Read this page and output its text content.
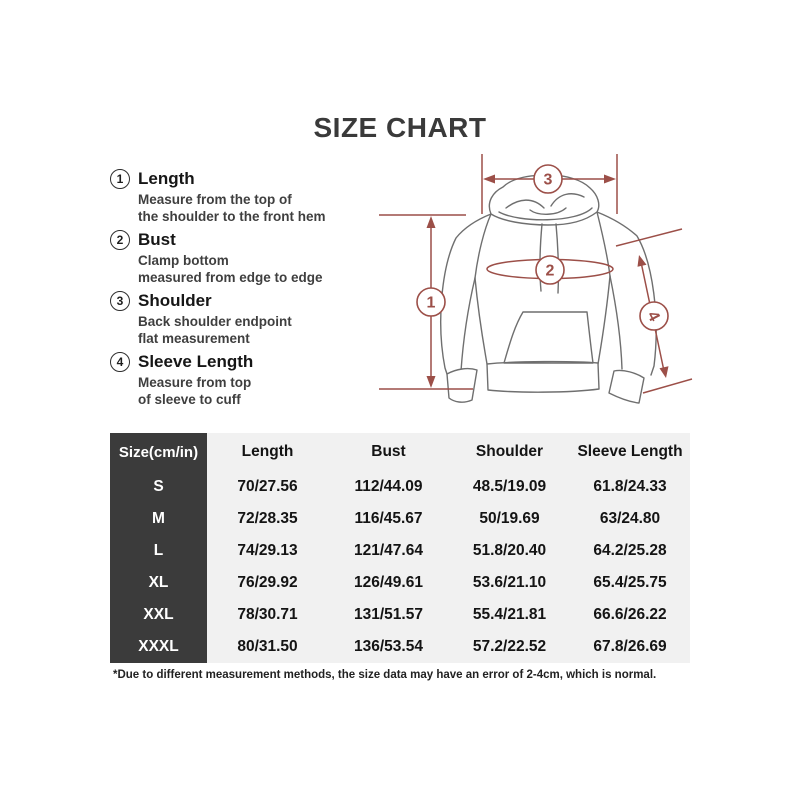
SIZE CHART
1 Length
Measure from the top of
the shoulder to the front hem
2 Bust
Clamp bottom
measured from edge to edge
3 Shoulder
Back shoulder endpoint
flat measurement
4 Sleeve Length
Measure from top
of sleeve to cuff
3
1
2
4
Size(cm/in)	Length	Bust	Shoulder	Sleeve Length
S	70/27.56	112/44.09	48.5/19.09	61.8/24.33
M	72/28.35	116/45.67	50/19.69	63/24.80
L	74/29.13	121/47.64	51.8/20.40	64.2/25.28
XL	76/29.92	126/49.61	53.6/21.10	65.4/25.75
XXL	78/30.71	131/51.57	55.4/21.81	66.6/26.22
XXXL	80/31.50	136/53.54	57.2/22.52	67.8/26.69

*Due to different measurement methods, the size data may have an error of 2-4cm, which is normal.
